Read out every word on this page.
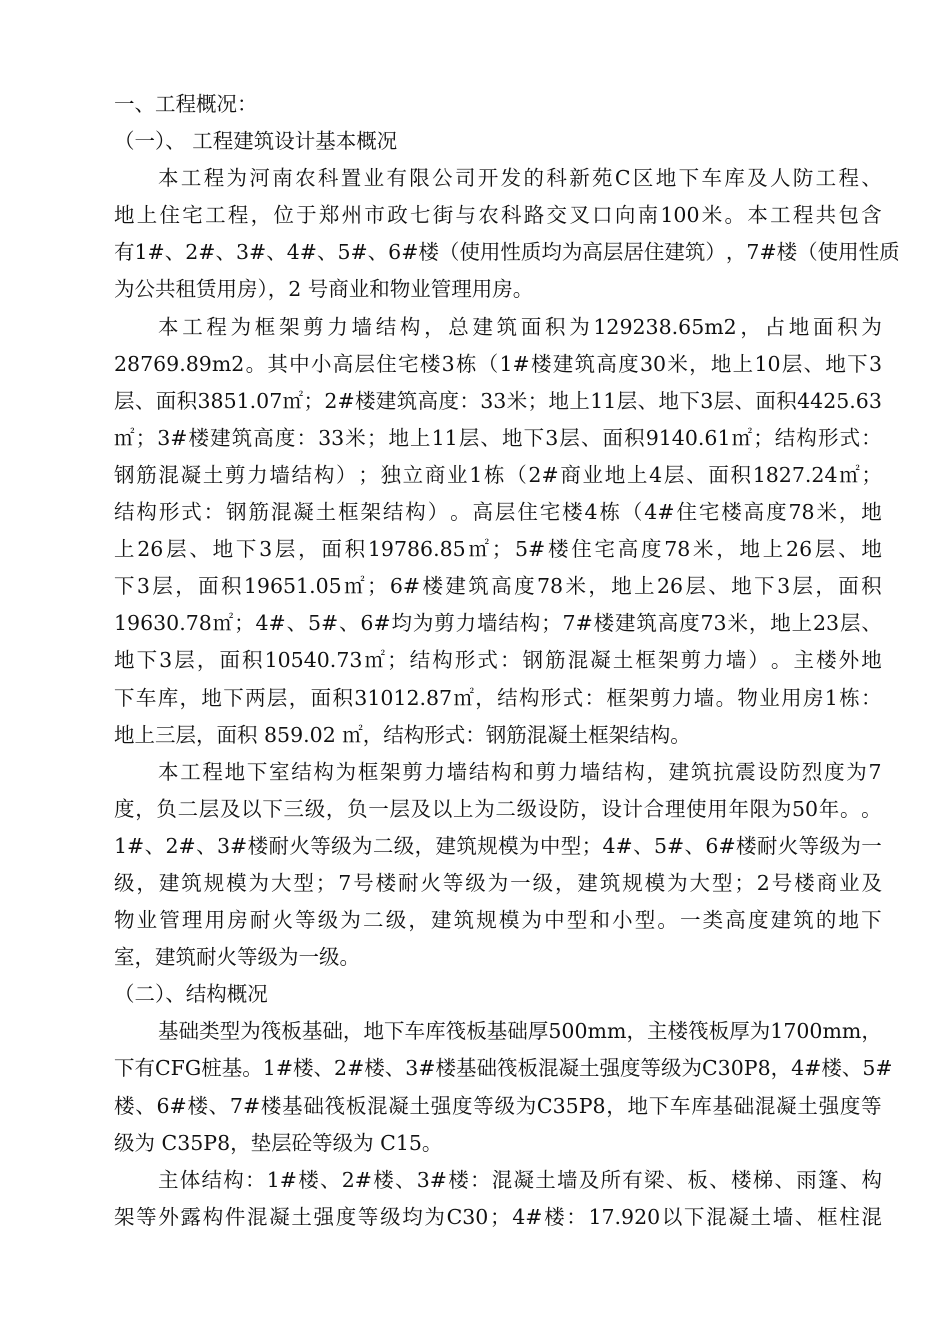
一、工程概况：
（一）、 工程建筑设计基本概况
本 工 程 为 河 南 农 科 置 业 有 限 公 司 开 发 的 科 新 苑 C 区 地 下 车 库 及 人 防 工 程 、
地 上 住 宅 工 程 ， 位 于 郑 州 市 政 七 街 与 农 科 路 交 叉 口 向 南 100 米 。 本 工 程 共 包 含
有 1# 、 2# 、 3# 、 4# 、 5# 、 6# 楼 （ 使 用 性 质 均 为 高 层 居 住 建 筑 ） ， 7# 楼 （ 使 用 性 质
为公共租赁用房），2 号商业和物业管理用房。
本 工 程 为 框 架 剪 力 墙 结 构 ， 总 建 筑 面 积 为 129238.65m2 ， 占 地 面 积 为
28769.89m2 。 其 中 小 高 层 住 宅 楼 3 栋 （ 1# 楼 建 筑 高 度 30 米 ， 地 上 10 层 、 地 下 3
层 、 面 积 3851.07 ㎡ ； 2# 楼 建 筑 高 度 ： 33 米 ； 地 上 11 层 、 地 下 3 层 、 面 积 4425.63
㎡ ； 3# 楼 建 筑 高 度 ： 33 米 ； 地 上 11 层 、 地 下 3 层 、 面 积 9140.61 ㎡ ； 结 构 形 式 ：
钢 筋 混 凝 土 剪 力 墙 结 构 ） ； 独 立 商 业 1 栋 （ 2# 商 业 地 上 4 层 、 面 积 1827.24 ㎡ ；
结 构 形 式 ： 钢 筋 混 凝 土 框 架 结 构 ） 。 高 层 住 宅 楼 4 栋 （ 4# 住 宅 楼 高 度 78 米 ， 地
上 26 层 、 地 下 3 层 ， 面 积 19786.85 ㎡ ； 5# 楼 住 宅 高 度 78 米 ， 地 上 26 层 、 地
下 3 层 ， 面 积 19651.05 ㎡ ； 6# 楼 建 筑 高 度 78 米 ， 地 上 26 层 、 地 下 3 层 ， 面 积
19630.78 ㎡ ； 4# 、 5# 、 6# 均 为 剪 力 墙 结 构 ； 7# 楼 建 筑 高 度 73 米 ， 地 上 23 层 、
地 下 3 层 ， 面 积 10540.73 ㎡ ； 结 构 形 式 ： 钢 筋 混 凝 土 框 架 剪 力 墙 ） 。 主 楼 外 地
下 车 库 ， 地 下 两 层 ， 面 积 31012.87 ㎡ ， 结 构 形 式 ： 框 架 剪 力 墙 。 物 业 用 房 1 栋 ：
地上三层，面积 859.02 ㎡，结构形式：钢筋混凝土框架结构。
本 工 程 地 下 室 结 构 为 框 架 剪 力 墙 结 构 和 剪 力 墙 结 构 ， 建 筑 抗 震 设 防 烈 度 为 7
度 ， 负 二 层 及 以 下 三 级 ， 负 一 层 及 以 上 为 二 级 设 防 ， 设 计 合 理 使 用 年 限 为 50 年 。 。
1# 、 2# 、 3# 楼 耐 火 等 级 为 二 级 ， 建 筑 规 模 为 中 型 ； 4# 、 5# 、 6# 楼 耐 火 等 级 为 一
级 ， 建 筑 规 模 为 大 型 ； 7 号 楼 耐 火 等 级 为 一 级 ， 建 筑 规 模 为 大 型 ； 2 号 楼 商 业 及
物 业 管 理 用 房 耐 火 等 级 为 二 级 ， 建 筑 规 模 为 中 型 和 小 型 。 一 类 高 度 建 筑 的 地 下
室，建筑耐火等级为一级。
（二）、结构概况
基 础 类 型 为 筏 板 基 础 ， 地 下 车 库 筏 板 基 础 厚 500mm ， 主 楼 筏 板 厚 为 1700mm ，
下 有 CFG 桩 基 。 1# 楼 、 2# 楼 、 3# 楼 基 础 筏 板 混 凝 土 强 度 等 级 为 C30P8 ， 4# 楼 、 5#
楼 、 6# 楼 、 7# 楼 基 础 筏 板 混 凝 土 强 度 等 级 为 C35P8 ， 地 下 车 库 基 础 混 凝 土 强 度 等
级为 C35P8，垫层砼等级为 C15。
主 体 结 构 ： 1# 楼 、 2# 楼 、 3# 楼 ： 混 凝 土 墙 及 所 有 梁 、 板 、 楼 梯 、 雨 篷 、 构
架 等 外 露 构 件 混 凝 土 强 度 等 级 均 为 C30 ； 4# 楼 ： 17.920 以 下 混 凝 土 墙 、 框 柱 混
